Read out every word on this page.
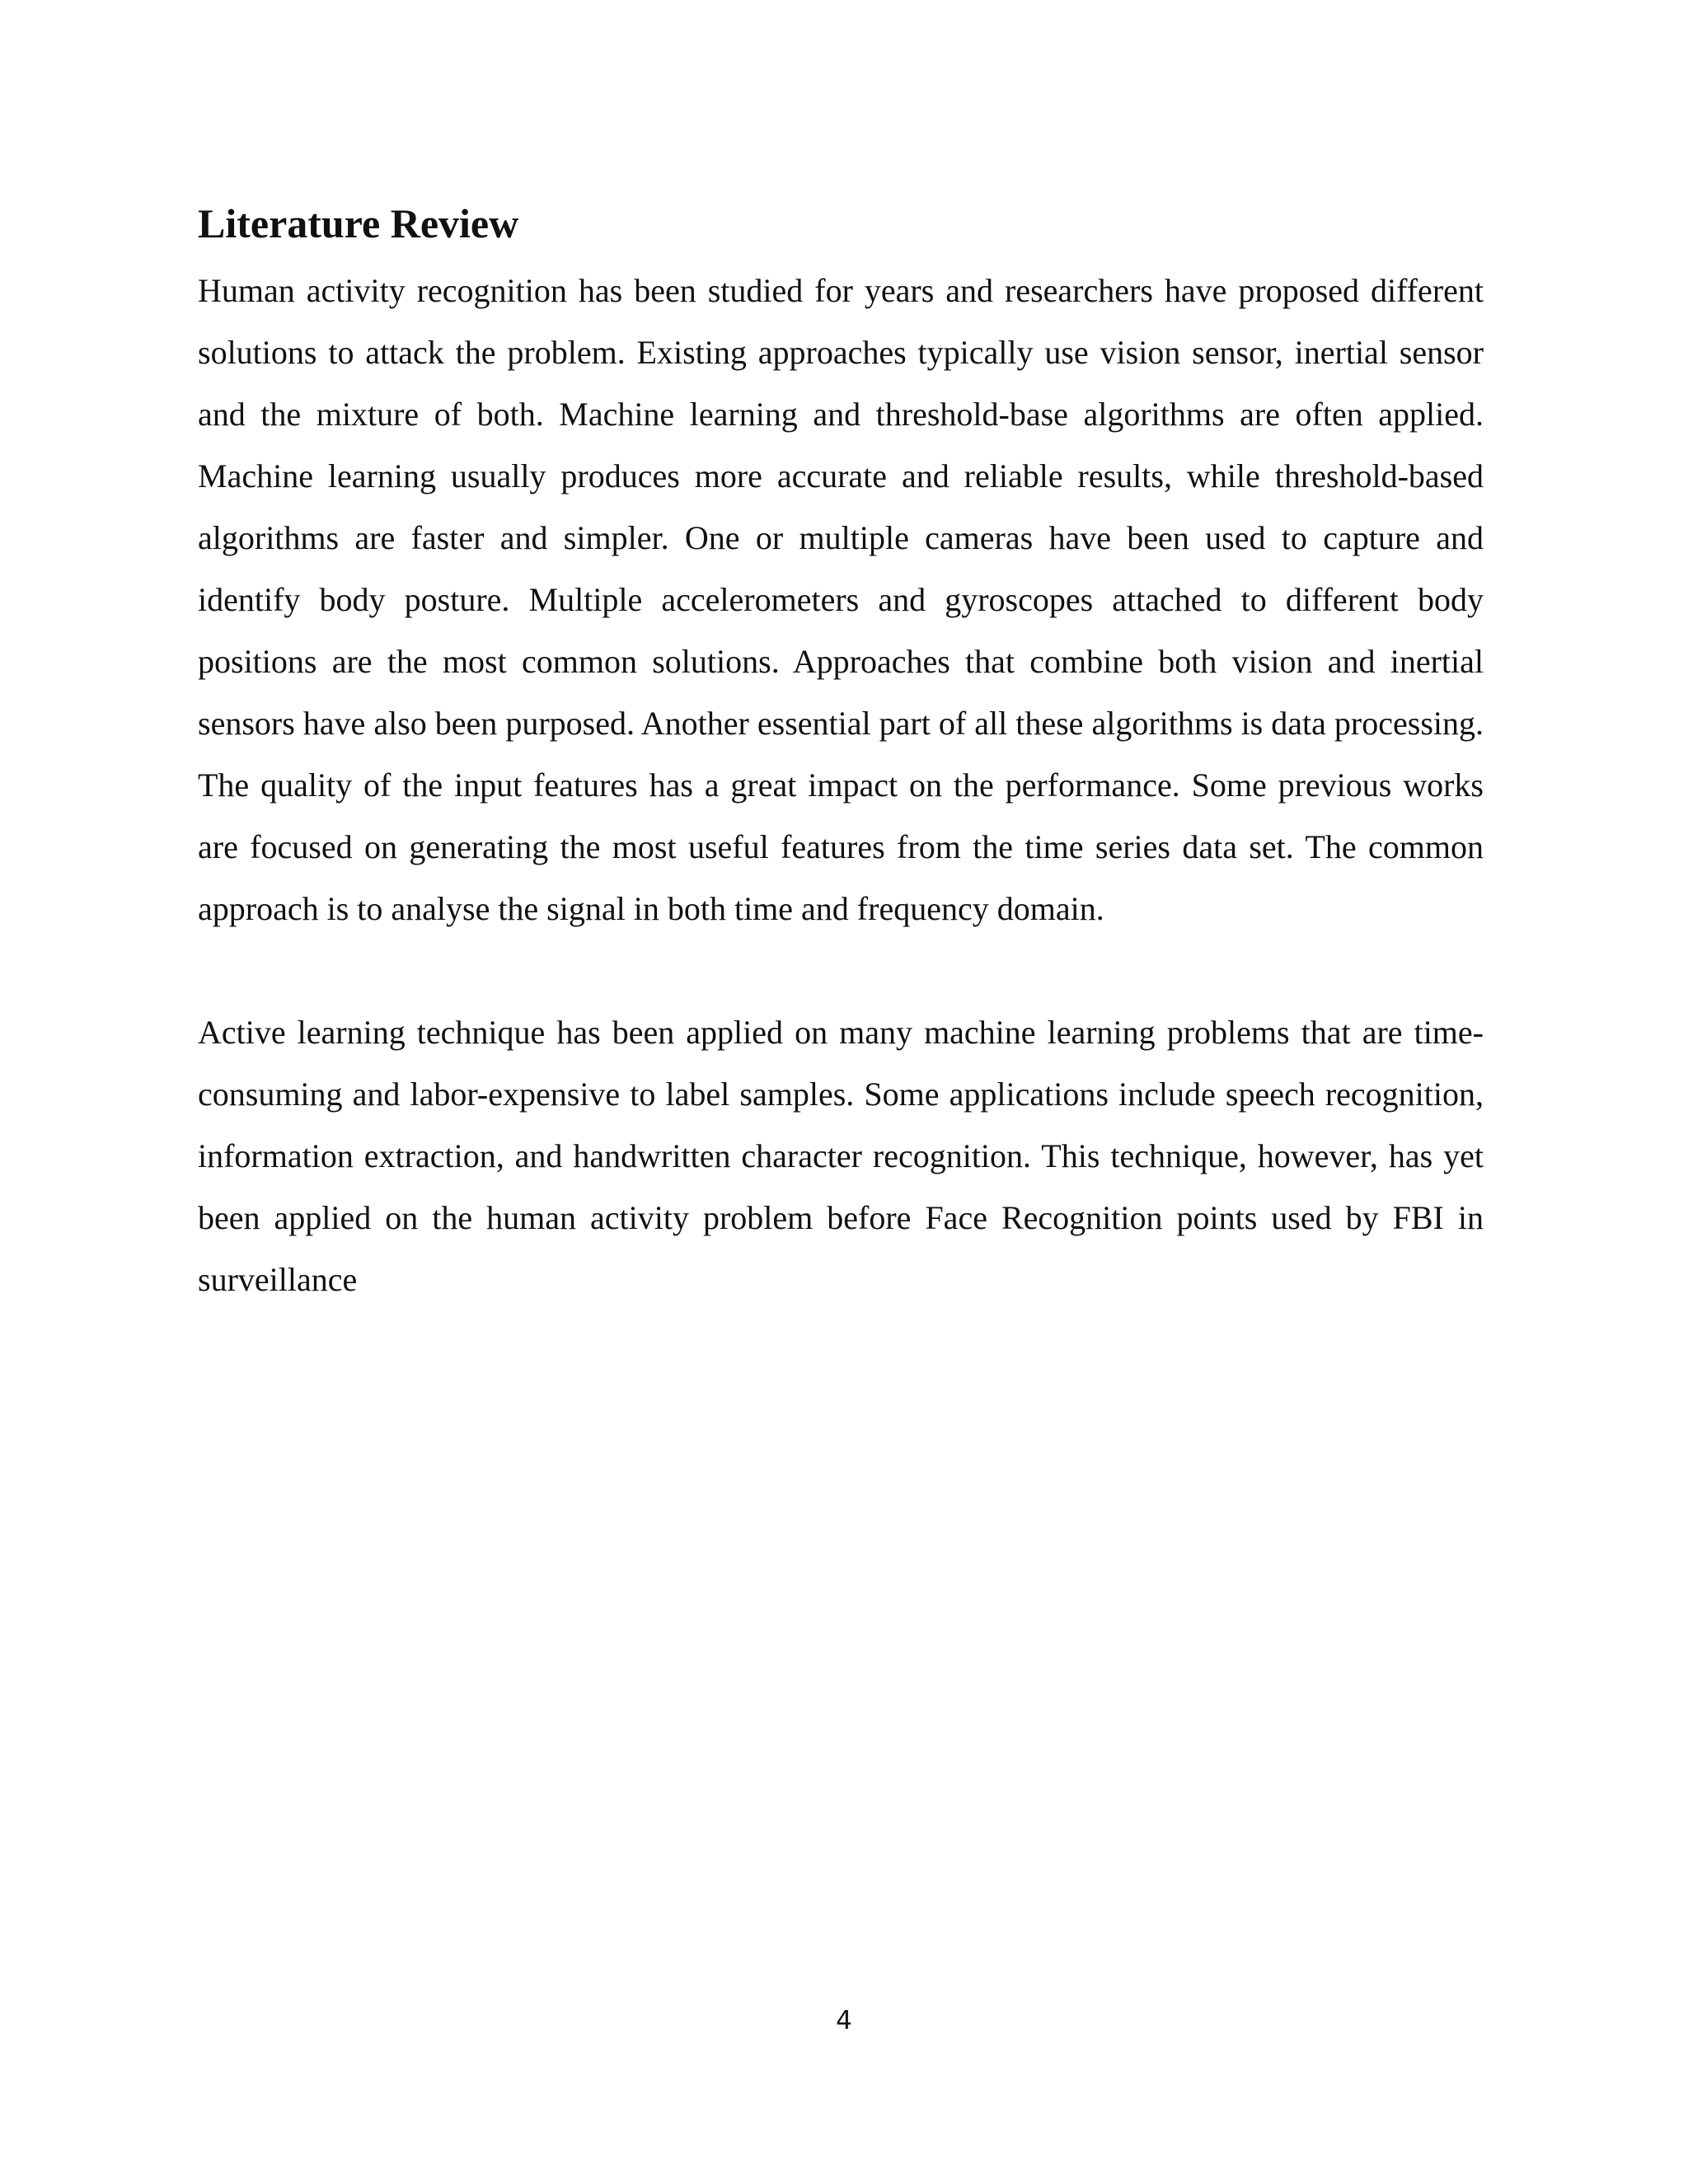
Literature Review

Human activity recognition has been studied for years and researchers have proposed different solutions to attack the problem. Existing approaches typically use vision sensor, inertial sensor and the mixture of both. Machine learning and threshold-base algorithms are often applied. Machine learning usually produces more accurate and reliable results, while threshold-based algorithms are faster and simpler. One or multiple cameras have been used to capture and identify body posture. Multiple accelerometers and gyroscopes attached to different body positions are the most common solutions. Approaches that combine both vision and inertial sensors have also been purposed. Another essential part of all these algorithms is data processing. The quality of the input features has a great impact on the performance. Some previous works are focused on generating the most useful features from the time series data set. The common approach is to analyse the signal in both time and frequency domain.

Active learning technique has been applied on many machine learning problems that are time-consuming and labor-expensive to label samples. Some applications include speech recognition, information extraction, and handwritten character recognition. This technique, however, has yet been applied on the human activity problem before Face Recognition points used by FBI in surveillance

4
